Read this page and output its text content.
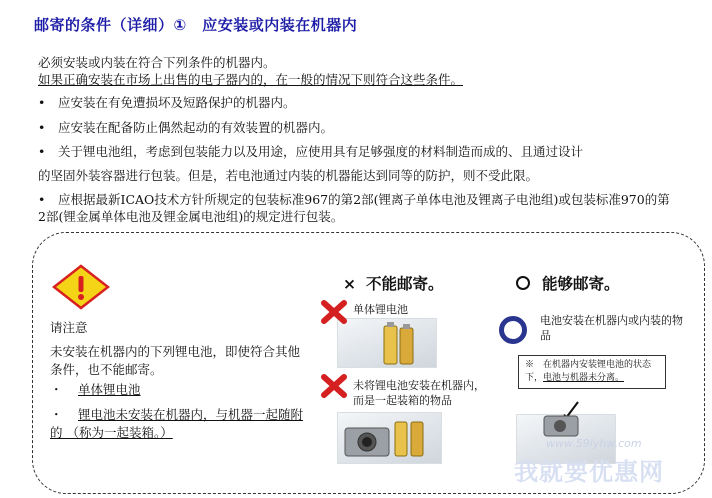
邮寄的条件（详细）①　应安装或内装在机器内
必须安装或内装在符合下列条件的机器内。
如果正确安装在市场上出售的电子器内的，在一般的情况下则符合这些条件。
• 应安装在有免遭损坏及短路保护的机器内。
• 应安装在配备防止偶然起动的有效装置的机器内。
• 关于锂电池组，考虑到包装能力以及用途，应使用具有足够强度的材料制造而成的、且通过设计
的坚固外装容器进行包装。但是，若电池通过内装的机器能达到同等的防护，则不受此限。
• 应根据最新ICAO技术方针所规定的包装标准967的第2部(锂离子单体电池及锂离子电池组)或包装标准970的第
2部(锂金属单体电池及锂金属电池组)的规定进行包装。
请注意
未安装在机器内的下列锂电池，即使符合其他条件，也不能邮寄。
・ 单体锂电池
・ 锂电池未安装在机器内，与机器一起随附的 （称为一起装箱。）
× 不能邮寄。
单体锂电池
未将锂电池安装在机器内，而是一起装箱的物品
能够邮寄。
电池安装在机器内或内装的物品
※　在机器内安装锂电池的状态下，电池与机器未分离。
www.59lyhw.com
我就要优惠网
